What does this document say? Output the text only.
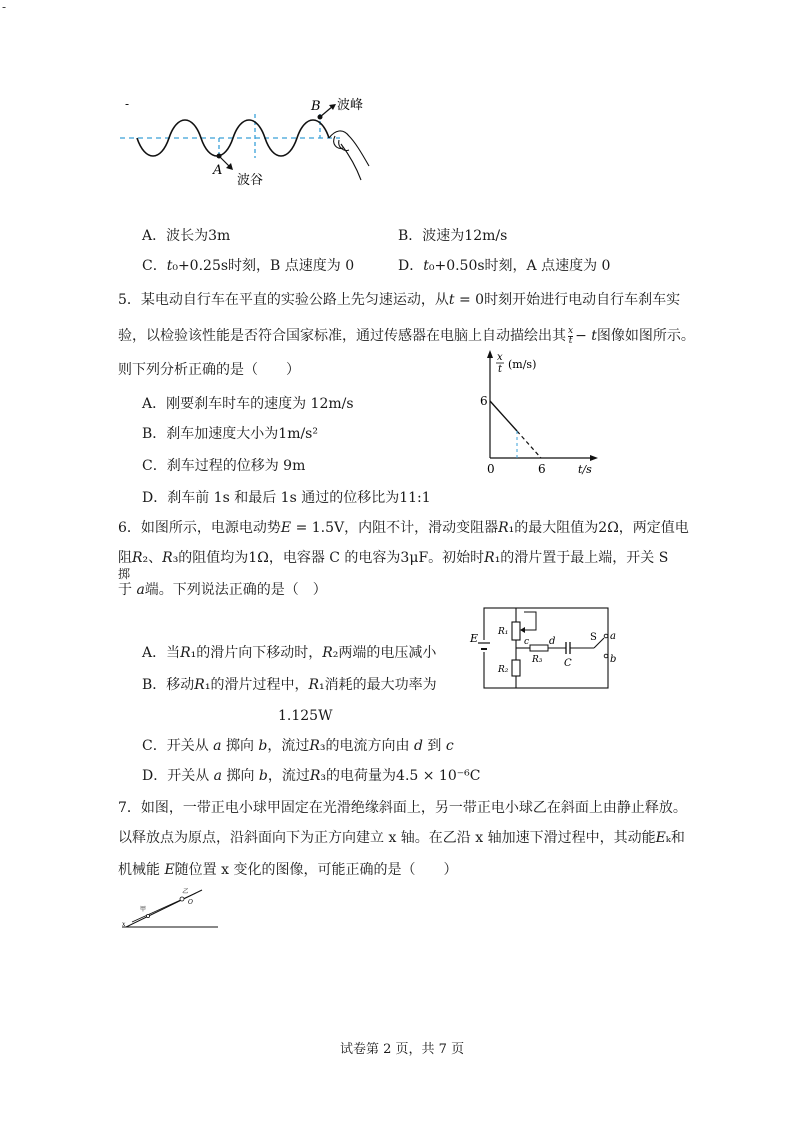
-
-	B 波峰
A
波谷
A．波长为3m	B．波速为12m/s
C．𝑡₀+0.25s时刻，B 点速度为 0	D．𝑡₀+0.50s时刻，A 点速度为 0
5．某电动自行车在平直的实验公路上先匀速运动，从𝑡 = 0时刻开始进行电动自行车刹车实
验，以检验该性能是否符合国家标准，通过传感器在电脑上自动描绘出其 𝑥
𝑡 − 𝑡图像如图所示。
则下列分析正确的是（　　）
A．刚要刹车时车的速度为 12m/s
B．刹车加速度大小为1m/s²
C．刹车过程的位移为 9m
D．刹车前 1s 和最后 1s 通过的位移比为11:1
x
t (m/s)
6
0	6	t/s
6．如图所示，电源电动势𝐸 = 1.5V，内阻不计，滑动变阻器𝑅₁的最大阻值为2Ω，两定值电
阻𝑅₂、𝑅₃的阻值均为1Ω，电容器 C 的电容为3μF。初始时𝑅₁的滑片置于最上端，开关 S
掷
于 𝑎端。下列说法正确的是（　）
A．当𝑅₁的滑片向下移动时，𝑅₂两端的电压减小
B．移动𝑅₁的滑片过程中，𝑅₁消耗的最大功率为
1.125W
C．开关从 𝑎 掷向 𝑏，流过𝑅₃的电流方向由 𝑑 到 𝑐
D．开关从 𝑎 掷向 𝑏，流过𝑅₃的电荷量为4.5 × 10⁻⁶C
E R₁
R₂
c d
R₃ C
S a
b
7．如图，一带正电小球甲固定在光滑绝缘斜面上，另一带正电小球乙在斜面上由静止释放。
以释放点为原点，沿斜面向下为正方向建立 x 轴。在乙沿 x 轴加速下滑过程中，其动能𝐸ₖ和
机械能 𝐸随位置 x 变化的图像，可能正确的是（　　）
乙
O
甲
x
试卷第 2 页，共 7 页
